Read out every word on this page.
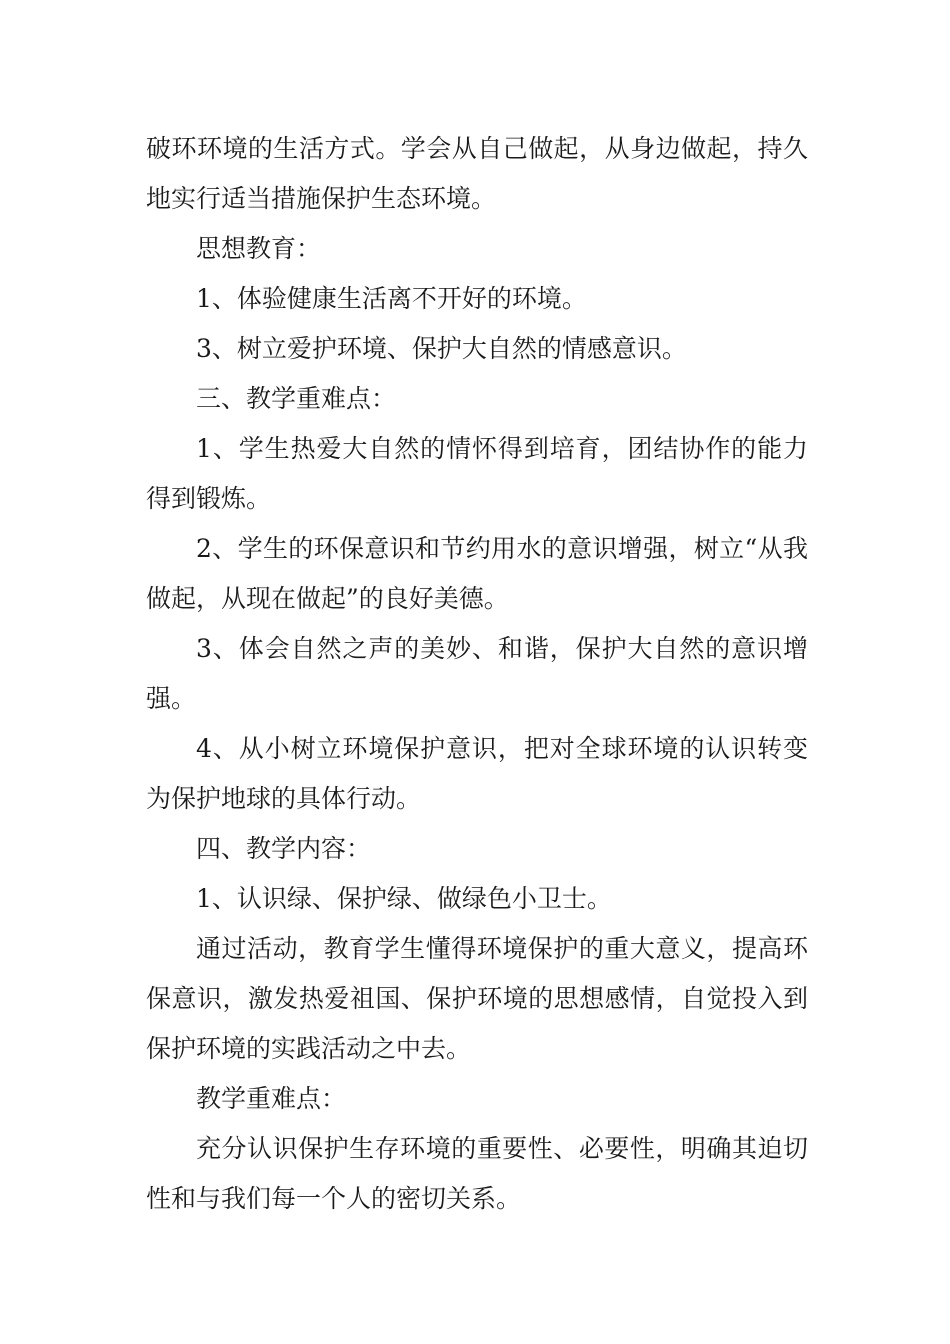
破环环境的生活方式。学会从自己做起，从身边做起，持久地实行适当措施保护生态环境。

思想教育：

1、体验健康生活离不开好的环境。

3、树立爱护环境、保护大自然的情感意识。

三、教学重难点：

1、学生热爱大自然的情怀得到培育，团结协作的能力得到锻炼。

2、学生的环保意识和节约用水的意识增强，树立“从我做起，从现在做起”的良好美德。

3、体会自然之声的美妙、和谐，保护大自然的意识增强。

4、从小树立环境保护意识，把对全球环境的认识转变为保护地球的具体行动。

四、教学内容：

1、认识绿、保护绿、做绿色小卫士。

通过活动，教育学生懂得环境保护的重大意义，提高环保意识，激发热爱祖国、保护环境的思想感情，自觉投入到保护环境的实践活动之中去。

教学重难点：

充分认识保护生存环境的重要性、必要性，明确其迫切性和与我们每一个人的密切关系。
